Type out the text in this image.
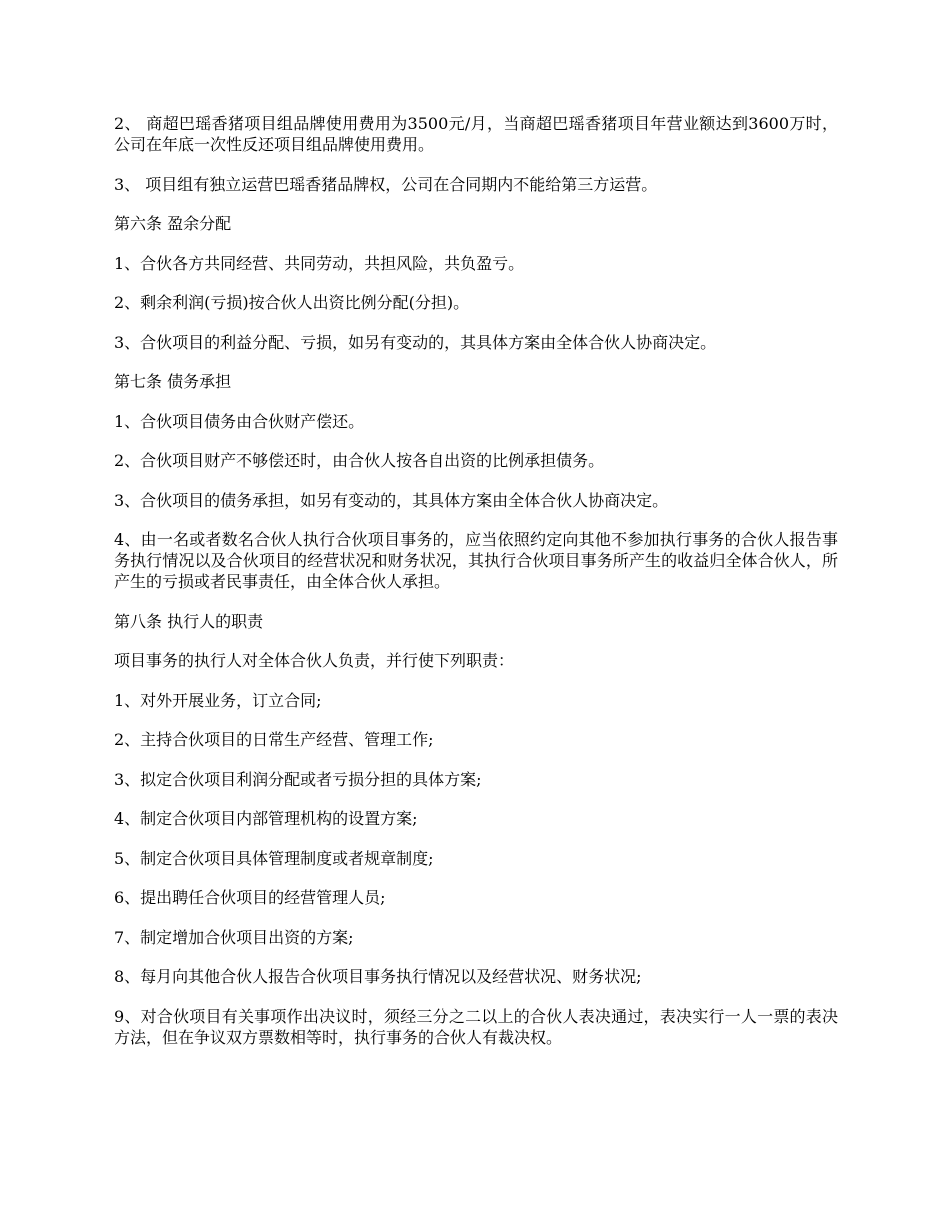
2、 商超巴瑶香猪项目组品牌使用费用为3500元/月，当商超巴瑶香猪项目年营业额达到3600万时，公司在年底一次性反还项目组品牌使用费用。

3、 项目组有独立运营巴瑶香猪品牌权，公司在合同期内不能给第三方运营。

第六条 盈余分配

1、合伙各方共同经营、共同劳动，共担风险，共负盈亏。

2、剩余利润(亏损)按合伙人出资比例分配(分担)。

3、合伙项目的利益分配、亏损，如另有变动的，其具体方案由全体合伙人协商决定。

第七条 债务承担

1、合伙项目债务由合伙财产偿还。

2、合伙项目财产不够偿还时，由合伙人按各自出资的比例承担债务。

3、合伙项目的债务承担，如另有变动的，其具体方案由全体合伙人协商决定。

4、由一名或者数名合伙人执行合伙项目事务的，应当依照约定向其他不参加执行事务的合伙人报告事务执行情况以及合伙项目的经营状况和财务状况，其执行合伙项目事务所产生的收益归全体合伙人，所产生的亏损或者民事责任，由全体合伙人承担。

第八条 执行人的职责

项目事务的执行人对全体合伙人负责，并行使下列职责：

1、对外开展业务，订立合同;

2、主持合伙项目的日常生产经营、管理工作;

3、拟定合伙项目利润分配或者亏损分担的具体方案;

4、制定合伙项目内部管理机构的设置方案;

5、制定合伙项目具体管理制度或者规章制度;

6、提出聘任合伙项目的经营管理人员;

7、制定增加合伙项目出资的方案;

8、每月向其他合伙人报告合伙项目事务执行情况以及经营状况、财务状况;

9、对合伙项目有关事项作出决议时，须经三分之二以上的合伙人表决通过，表决实行一人一票的表决方法，但在争议双方票数相等时，执行事务的合伙人有裁决权。
